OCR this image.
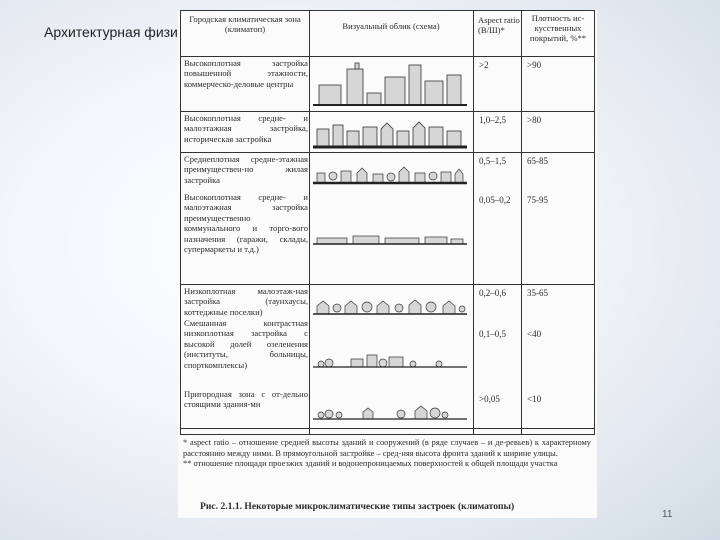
Архитектурная физи
Городская климатическая зона (климатоп)	Визуальный облик (схема)
Aspect ratio (B/Ш)*
Плотность ис-кусственных покрытий, %**
Высокоплотная застройка повышенной этажности, коммерческо-деловые центры
Высокоплотная средне- и малоэтажная застройка, историческая застройка
Среднеплотная средне-этажная преимуществен-но жилая застройка
Высокоплотная средне- и малоэтажная застройка преимущественно коммунального и торго-вого назначения (гаражи, склады, супермаркеты и т.д.)
Низкоплотная малоэтаж-ная застройка (таунхаусы, коттеджные поселки)
Смешанная контрастная низкоплотная застройка с высокой долей озеленения (институты, больницы, спорткомплексы)
Пригородная зона с от-дельно стоящими здания-ми
>2
1,0–2,5
0,5–1,5
0,05–0,2
0,2–0,6
0,1–0,5
>0,05
>90
>80
65-85
75-95
35-65
<40
<10
* aspect ratio – отношение средней высоты зданий и сооружений (в ряде случаев – и де-ревьев) к характерному расстоянию между ними. В прямоугольной застройке – сред-няя высота фронта зданий к ширине улицы.
** отношение площади проезжих зданий и водонепроницаемых поверхностей к общей площади участка
Рис. 2.1.1. Некоторые микроклиматические типы застроек (климатопы)
11
